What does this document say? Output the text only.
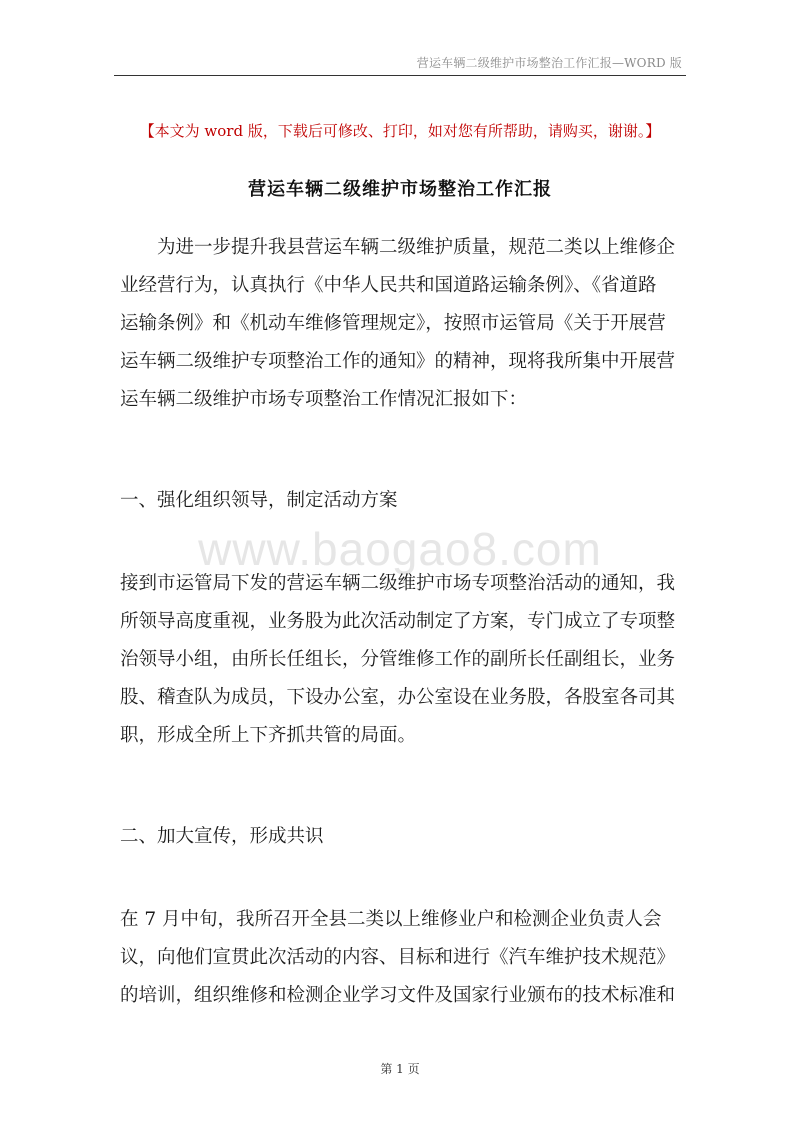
营运车辆二级维护市场整治工作汇报—WORD 版
【本文为 word 版，下载后可修改、打印，如对您有所帮助，请购买，谢谢。】
营运车辆二级维护市场整治工作汇报
　　为进一步提升我县营运车辆二级维护质量，规范二类以上维修企
业经营行为，认真执行《中华人民共和国道路运输条例》、《省道路
运输条例》和《机动车维修管理规定》，按照市运管局《关于开展营
运车辆二级维护专项整治工作的通知》的精神，现将我所集中开展营
运车辆二级维护市场专项整治工作情况汇报如下：
一、强化组织领导，制定活动方案
www.baogao8.com
接到市运管局下发的营运车辆二级维护市场专项整治活动的通知，我
所领导高度重视，业务股为此次活动制定了方案，专门成立了专项整
治领导小组，由所长任组长，分管维修工作的副所长任副组长，业务
股、稽查队为成员，下设办公室，办公室设在业务股，各股室各司其
职，形成全所上下齐抓共管的局面。
二、加大宣传，形成共识
在 7 月中旬，我所召开全县二类以上维修业户和检测企业负责人会
议，向他们宣贯此次活动的内容、目标和进行《汽车维护技术规范》
的培训，组织维修和检测企业学习文件及国家行业颁布的技术标准和
第 1 页
